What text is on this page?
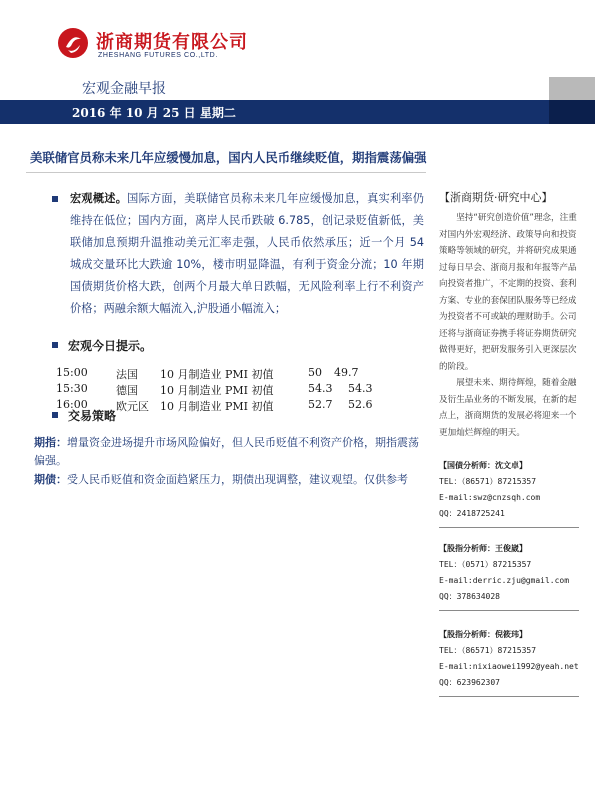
浙商期货有限公司
ZHESHANG FUTURES CO.,LTD.
宏观金融早报
2016 年 10 月 25 日 星期二
美联储官员称未来几年应缓慢加息，国内人民币继续贬值，期指震荡偏强
宏观概述。国际方面，美联储官员称未来几年应缓慢加息，真实利率仍维持在低位；国内方面，离岸人民币跌破 6.785，创记录贬值新低，美联储加息预期升温推动美元汇率走强，人民币依然承压；近一个月 54 城成交量环比大跌逾 10%，楼市明显降温，有利于资金分流；10 年期国债期货价格大跌，创两个月最大单日跌幅，无风险利率上行不利资产价格；两融余额大幅流入,沪股通小幅流入；
宏观今日提示。
15:00	法国 10 月制造业 PMI 初值	50 49.7
15:30	德国 10 月制造业 PMI 初值	54.3 54.3
16:00	欧元区 10 月制造业 PMI 初值	52.7 52.6
交易策略

期指：增量资金进场提升市场风险偏好，但人民币贬值不利资产价格，期指震荡偏强。

期债：受人民币贬值和资金面趋紧压力，期债出现调整，建议观望。仅供参考

【浙商期货·研究中心】

坚持“研究创造价值”理念，注重对国内外宏观经济、政策导向和投资策略等领域的研究，并将研究成果通过每日早会、浙商月报和年报等产品向投资者推广，不定期的投资、套利方案、专业的套保团队服务等已经成为投资者不可或缺的理财助手。公司还将与浙商证券携手将证券期货研究做得更好，把研发服务引入更深层次的阶段。

展望未来、期待辉煌，随着金融及衍生品业务的不断发展，在新的起点上，浙商期货的发展必将迎来一个更加灿烂辉煌的明天。

【国债分析师：沈文卓】
TEL：（86571）87215357
E-mail:swz@cnzsqh.com
QQ：2418725241
【股指分析师：王俊崴】
TEL：（0571）87215357
E-mail:derric.zju@gmail.com
QQ：378634028
【股指分析师：倪筱玮】
TEL：（86571）87215357
E-mail:nixiaowei1992@yeah.net
QQ：623962307
